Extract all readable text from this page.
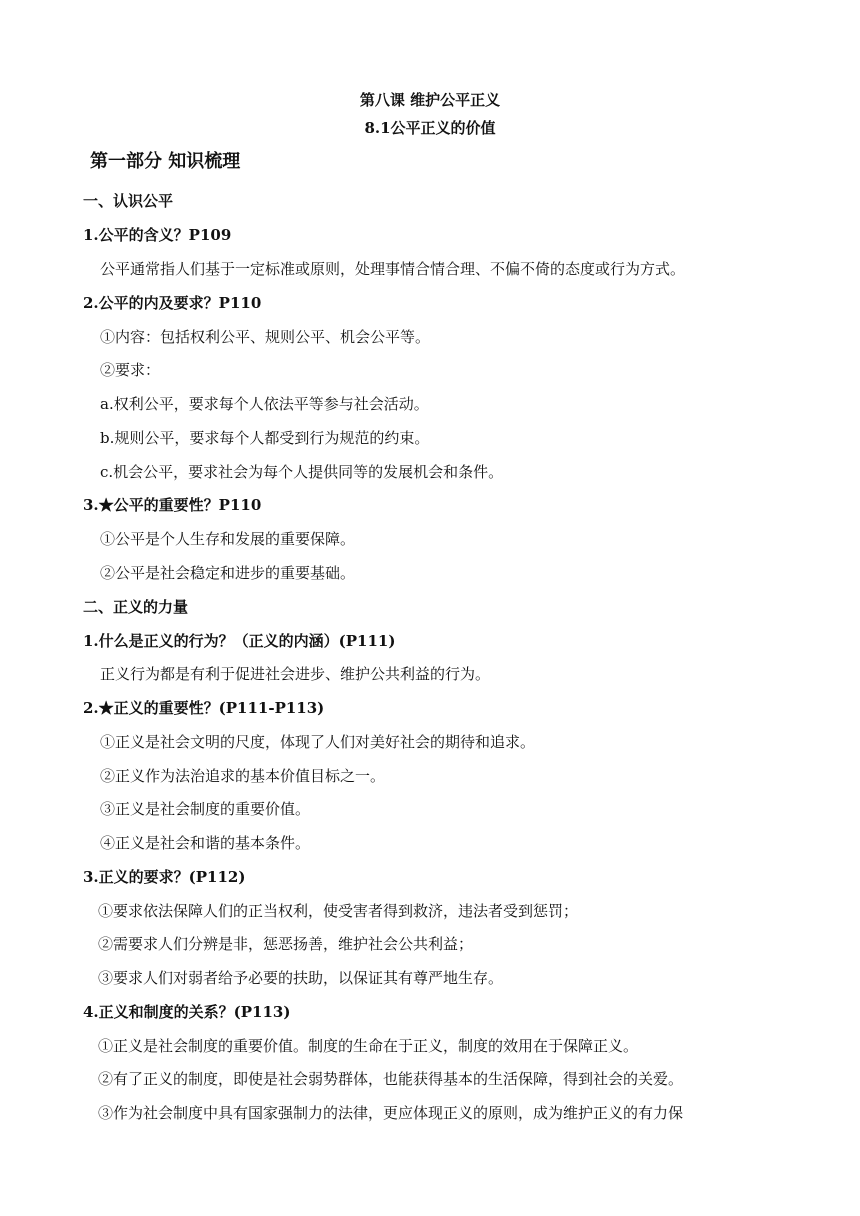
第八课 维护公平正义
8.1公平正义的价值
第一部分 知识梳理
一、认识公平
1.公平的含义？P109
公平通常指人们基于一定标准或原则，处理事情合情合理、不偏不倚的态度或行为方式。
2.公平的内及要求？P110
①内容：包括权利公平、规则公平、机会公平等。
②要求：
a.权利公平，要求每个人依法平等参与社会活动。
b.规则公平，要求每个人都受到行为规范的约束。
c.机会公平，要求社会为每个人提供同等的发展机会和条件。
3.★公平的重要性？P110
①公平是个人生存和发展的重要保障。
②公平是社会稳定和进步的重要基础。
二、正义的力量
1.什么是正义的行为？（正义的内涵）(P111)
正义行为都是有利于促进社会进步、维护公共利益的行为。
2.★正义的重要性？(P111-P113)
①正义是社会文明的尺度，体现了人们对美好社会的期待和追求。
②正义作为法治追求的基本价值目标之一。
③正义是社会制度的重要价值。
④正义是社会和谐的基本条件。
3.正义的要求？(P112)
①要求依法保障人们的正当权利，使受害者得到救济，违法者受到惩罚；
②需要求人们分辨是非，惩恶扬善，维护社会公共利益；
③要求人们对弱者给予必要的扶助，以保证其有尊严地生存。
4.正义和制度的关系？(P113)
①正义是社会制度的重要价值。制度的生命在于正义，制度的效用在于保障正义。
②有了正义的制度，即使是社会弱势群体，也能获得基本的生活保障，得到社会的关爱。
③作为社会制度中具有国家强制力的法律，更应体现正义的原则，成为维护正义的有力保
